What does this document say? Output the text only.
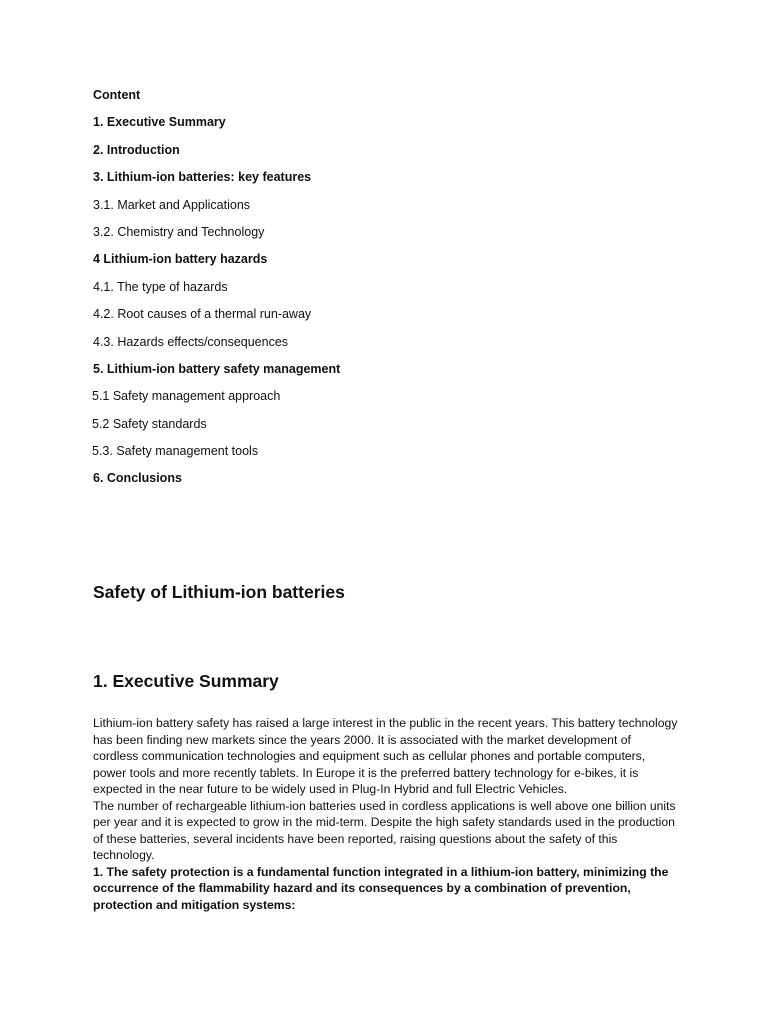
Content
1. Executive Summary
2. Introduction
3. Lithium-ion batteries: key features
3.1. Market and Applications
3.2. Chemistry and Technology
4 Lithium-ion battery hazards
4.1. The type of hazards
4.2. Root causes of a thermal run-away
4.3. Hazards effects/consequences
5. Lithium-ion battery safety management
5.1 Safety management approach
5.2 Safety standards
5.3. Safety management tools
6. Conclusions
Safety of Lithium-ion batteries
1. Executive Summary

Lithium-ion battery safety has raised a large interest in the public in the recent years. This battery technology has been finding new markets since the years 2000. It is associated with the market development of cordless communication technologies and equipment such as cellular phones and portable computers, power tools and more recently tablets. In Europe it is the preferred battery technology for e-bikes, it is expected in the near future to be widely used in Plug-In Hybrid and full Electric Vehicles.

The number of rechargeable lithium-ion batteries used in cordless applications is well above one billion units per year and it is expected to grow in the mid-term. Despite the high safety standards used in the production of these batteries, several incidents have been reported, raising questions about the safety of this technology.

1. The safety protection is a fundamental function integrated in a lithium-ion battery, minimizing the occurrence of the flammability hazard and its consequences by a combination of prevention, protection and mitigation systems:
